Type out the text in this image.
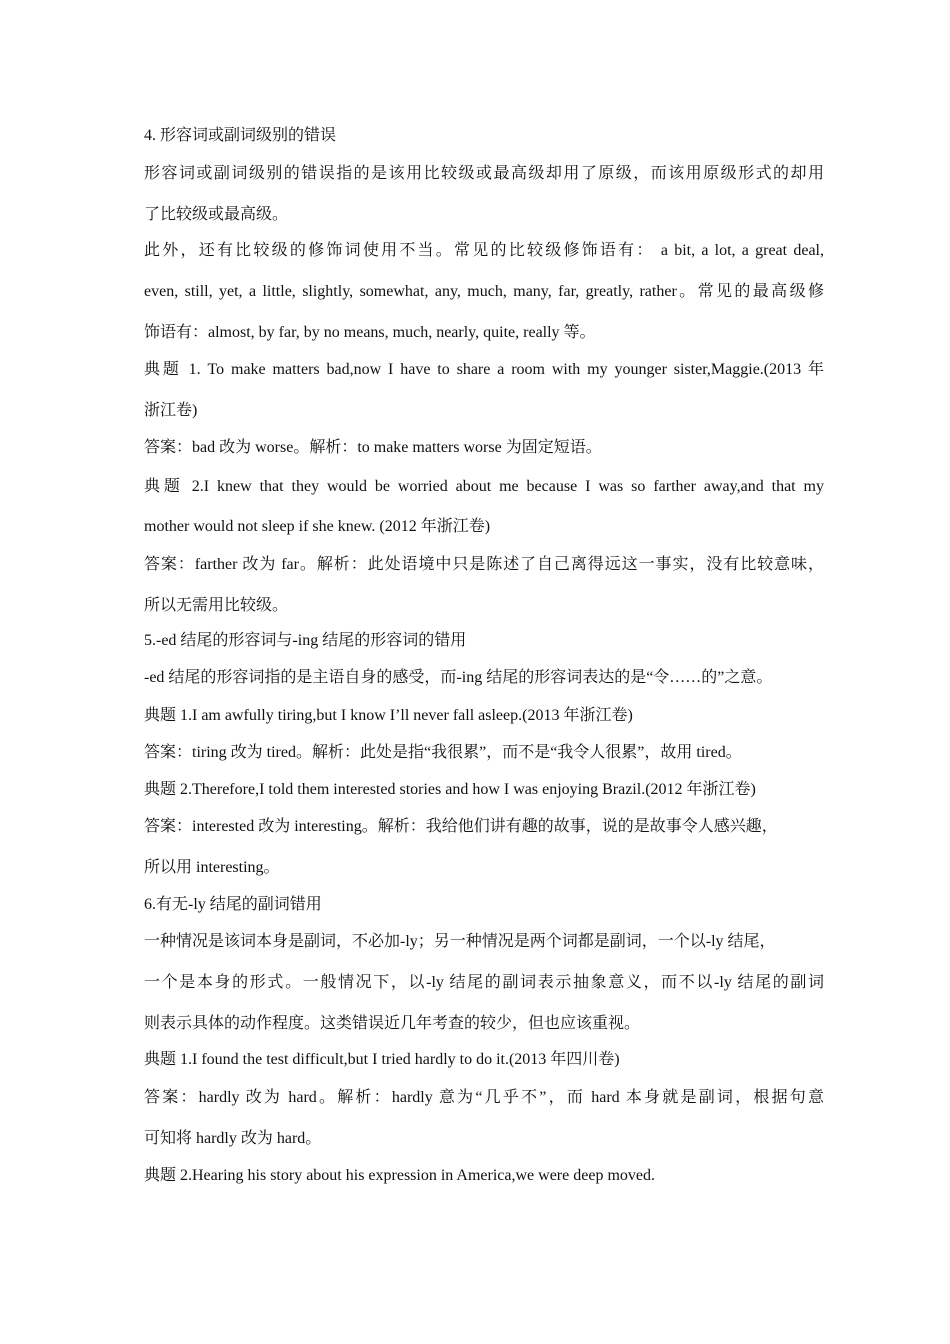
4. 形容词或副词级别的错误
形容词或副词级别的错误指的是该用比较级或最高级却用了原级，而该用原级形式的却用
了比较级或最高级。
此外，还有比较级的修饰词使用不当。常见的比较级修饰语有： a bit, a lot, a great deal,
even, still, yet, a little, slightly, somewhat, any, much, many, far, greatly, rather。常见的最高级修
饰语有：almost, by far, by no means, much, nearly, quite, really 等。
典题 1. To make matters bad,now I have to share a room with my younger sister,Maggie.(2013 年
浙江卷)
答案：bad 改为 worse。解析：to make matters worse 为固定短语。
典题 2.I knew that they would be worried about me because I was so farther away,and that my
mother would not sleep if she knew. (2012 年浙江卷)
答案：farther 改为 far。解析：此处语境中只是陈述了自己离得远这一事实，没有比较意味，
所以无需用比较级。
5.-ed 结尾的形容词与-ing 结尾的形容词的错用
-ed 结尾的形容词指的是主语自身的感受，而-ing 结尾的形容词表达的是“令……的”之意。
典题 1.I am awfully tiring,but I know I’ll never fall asleep.(2013 年浙江卷)
答案：tiring 改为 tired。解析：此处是指“我很累”，而不是“我令人很累”，故用 tired。
典题 2.Therefore,I told them interested stories and how I was enjoying Brazil.(2012 年浙江卷)
答案：interested 改为 interesting。解析：我给他们讲有趣的故事，说的是故事令人感兴趣，
所以用 interesting。
6.有无-ly 结尾的副词错用
一种情况是该词本身是副词，不必加-ly；另一种情况是两个词都是副词，一个以-ly 结尾，
一个是本身的形式。一般情况下，以-ly 结尾的副词表示抽象意义，而不以-ly 结尾的副词
则表示具体的动作程度。这类错误近几年考查的较少，但也应该重视。
典题 1.I found the test difficult,but I tried hardly to do it.(2013 年四川卷)
答案：hardly 改为 hard。解析：hardly 意为“几乎不”，而 hard 本身就是副词，根据句意
可知将 hardly 改为 hard。
典题 2.Hearing his story about his expression in America,we were deep moved.
